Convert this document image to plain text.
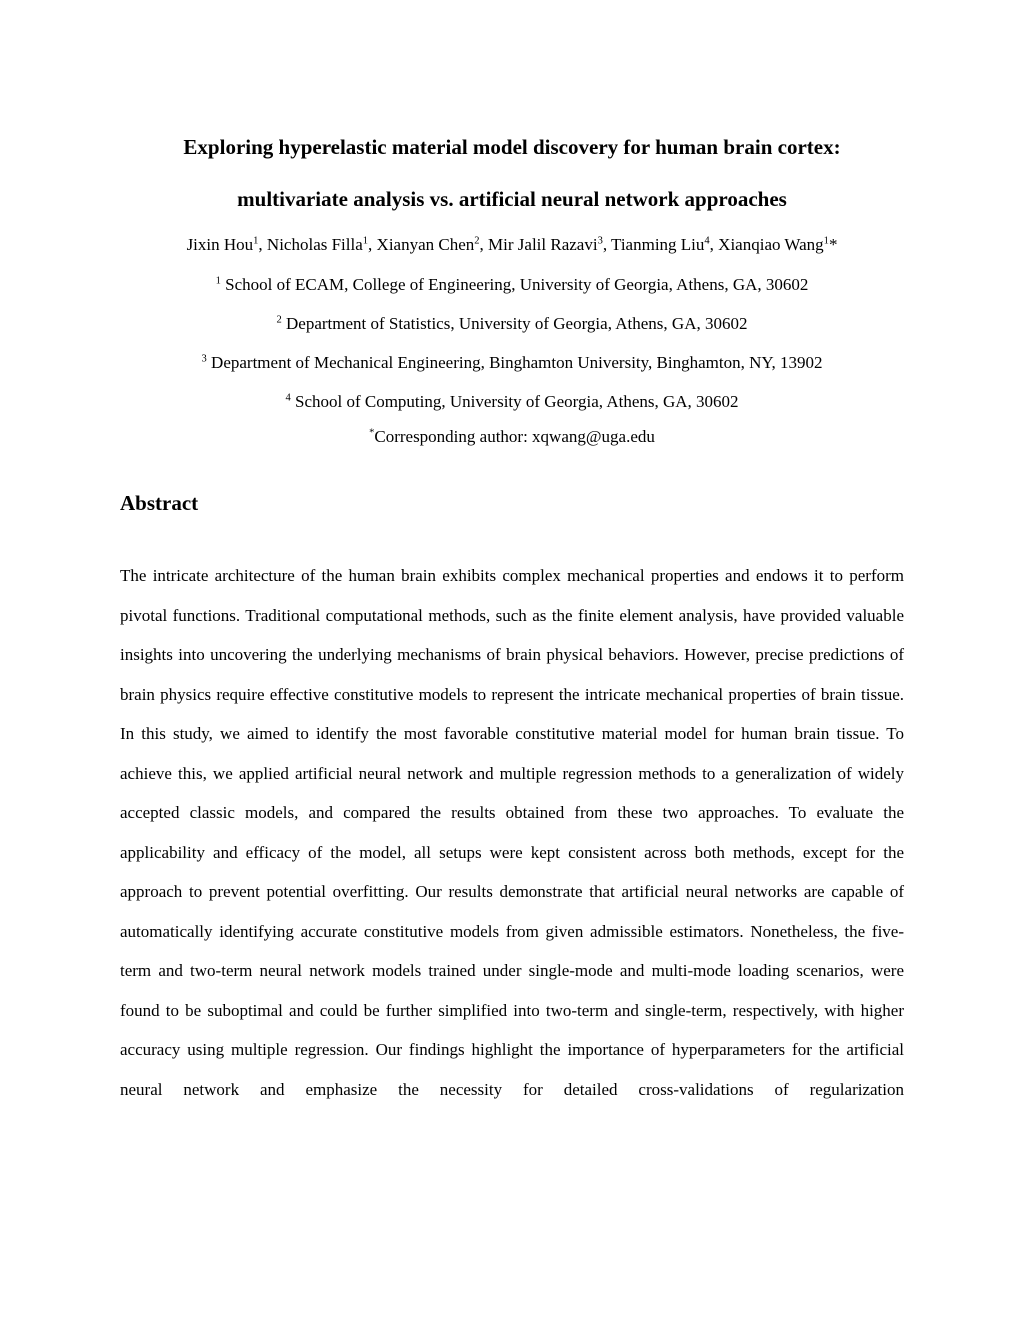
Exploring hyperelastic material model discovery for human brain cortex:
multivariate analysis vs. artificial neural network approaches

Jixin Hou$^1$, Nicholas Filla$^1$, Xianyan Chen$^2$, Mir Jalil Razavi$^3$, Tianming Liu$^4$, Xianqiao Wang$^1$*

$^1$ School of ECAM, College of Engineering, University of Georgia, Athens, GA, 30602

$^2$ Department of Statistics, University of Georgia, Athens, GA, 30602

$^3$ Department of Mechanical Engineering, Binghamton University, Binghamton, NY, 13902

$^4$ School of Computing, University of Georgia, Athens, GA, 30602

*Corresponding author: xqwang@uga.edu

Abstract

The intricate architecture of the human brain exhibits complex mechanical properties and endows it to perform pivotal functions. Traditional computational methods, such as the finite element analysis, have provided valuable insights into uncovering the underlying mechanisms of brain physical behaviors. However, precise predictions of brain physics require effective constitutive models to represent the intricate mechanical properties of brain tissue. In this study, we aimed to identify the most favorable constitutive material model for human brain tissue. To achieve this, we applied artificial neural network and multiple regression methods to a generalization of widely accepted classic models, and compared the results obtained from these two approaches. To evaluate the applicability and efficacy of the model, all setups were kept consistent across both methods, except for the approach to prevent potential overfitting. Our results demonstrate that artificial neural networks are capable of automatically identifying accurate constitutive models from given admissible estimators. Nonetheless, the five-term and two-term neural network models trained under single-mode and multi-mode loading scenarios, were found to be suboptimal and could be further simplified into two-term and single-term, respectively, with higher accuracy using multiple regression. Our findings highlight the importance of hyperparameters for the artificial neural network and emphasize the necessity for detailed cross-validations of regularization
